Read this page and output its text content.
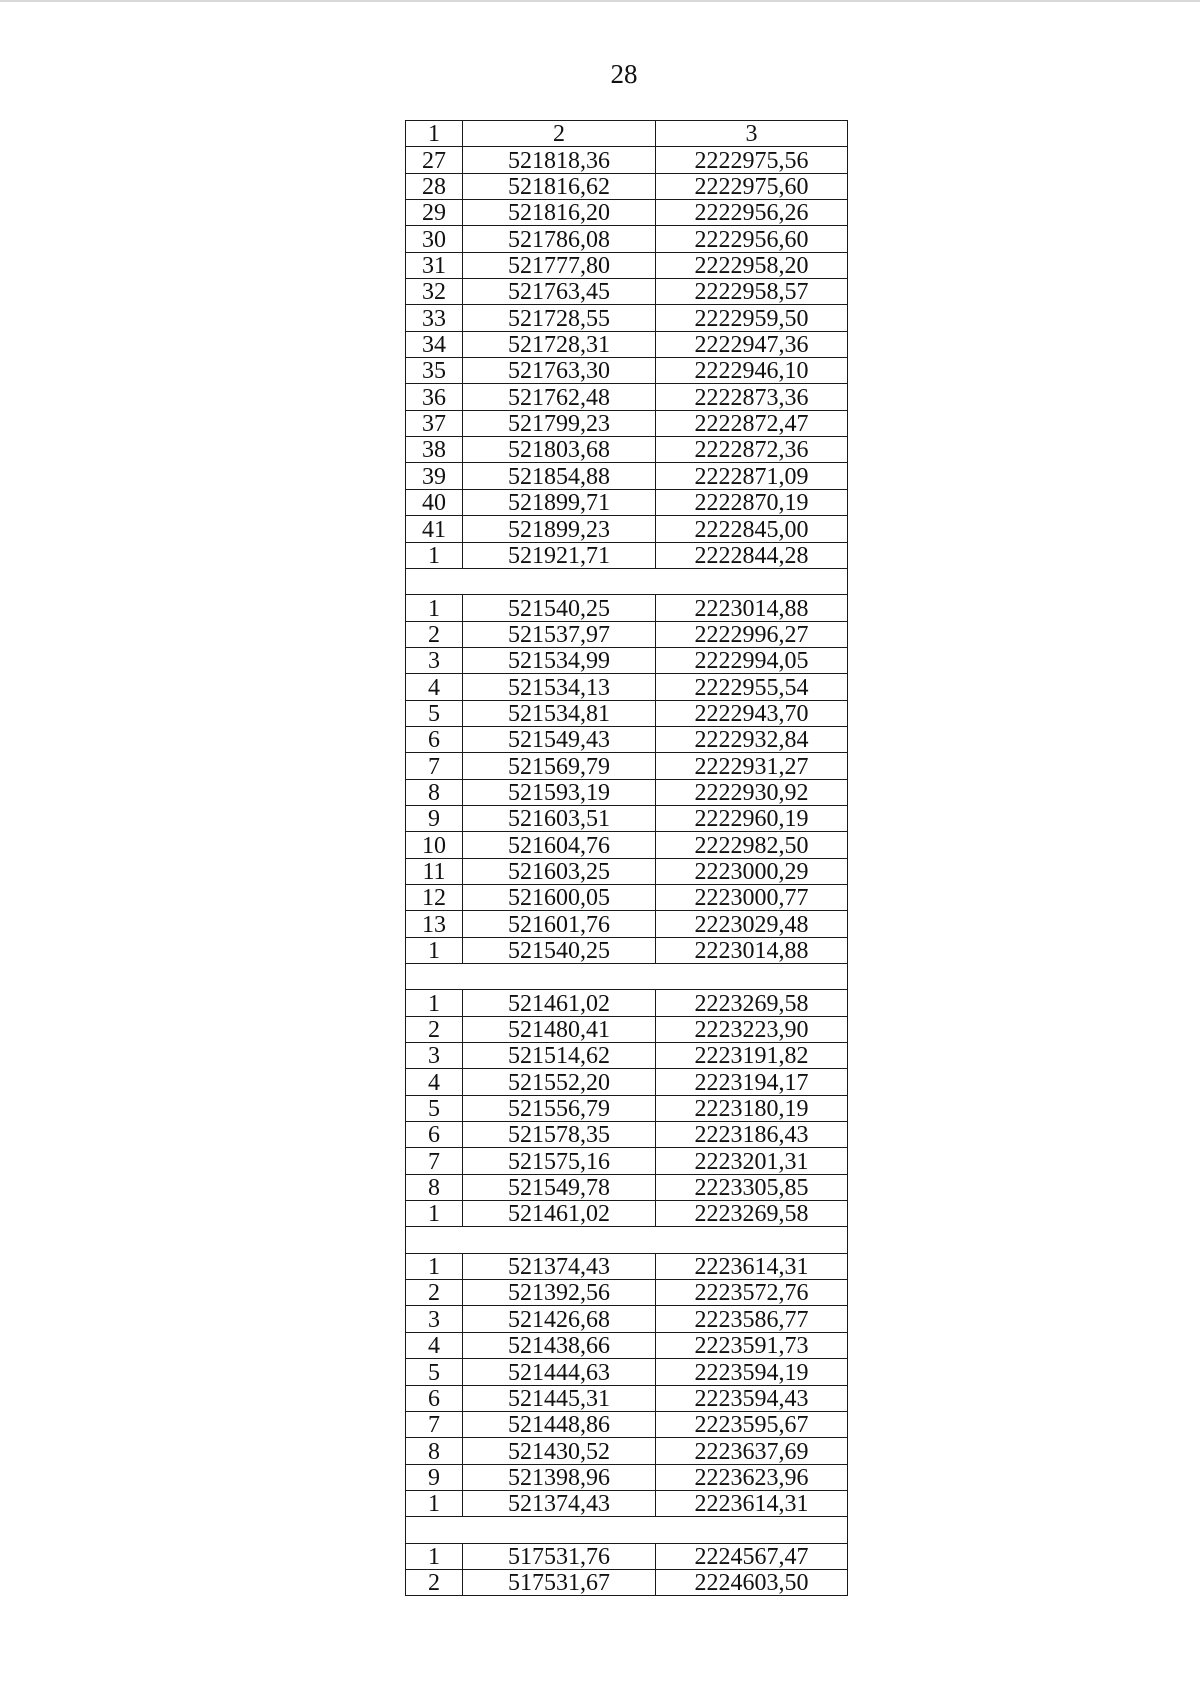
28
1	2	3
27	521818,36	2222975,56
28	521816,62	2222975,60
29	521816,20	2222956,26
30	521786,08	2222956,60
31	521777,80	2222958,20
32	521763,45	2222958,57
33	521728,55	2222959,50
34	521728,31	2222947,36
35	521763,30	2222946,10
36	521762,48	2222873,36
37	521799,23	2222872,47
38	521803,68	2222872,36
39	521854,88	2222871,09
40	521899,71	2222870,19
41	521899,23	2222845,00
1	521921,71	2222844,28

1	521540,25	2223014,88
2	521537,97	2222996,27
3	521534,99	2222994,05
4	521534,13	2222955,54
5	521534,81	2222943,70
6	521549,43	2222932,84
7	521569,79	2222931,27
8	521593,19	2222930,92
9	521603,51	2222960,19
10	521604,76	2222982,50
11	521603,25	2223000,29
12	521600,05	2223000,77
13	521601,76	2223029,48
1	521540,25	2223014,88

1	521461,02	2223269,58
2	521480,41	2223223,90
3	521514,62	2223191,82
4	521552,20	2223194,17
5	521556,79	2223180,19
6	521578,35	2223186,43
7	521575,16	2223201,31
8	521549,78	2223305,85
1	521461,02	2223269,58

1	521374,43	2223614,31
2	521392,56	2223572,76
3	521426,68	2223586,77
4	521438,66	2223591,73
5	521444,63	2223594,19
6	521445,31	2223594,43
7	521448,86	2223595,67
8	521430,52	2223637,69
9	521398,96	2223623,96
1	521374,43	2223614,31

1	517531,76	2224567,47
2	517531,67	2224603,50
